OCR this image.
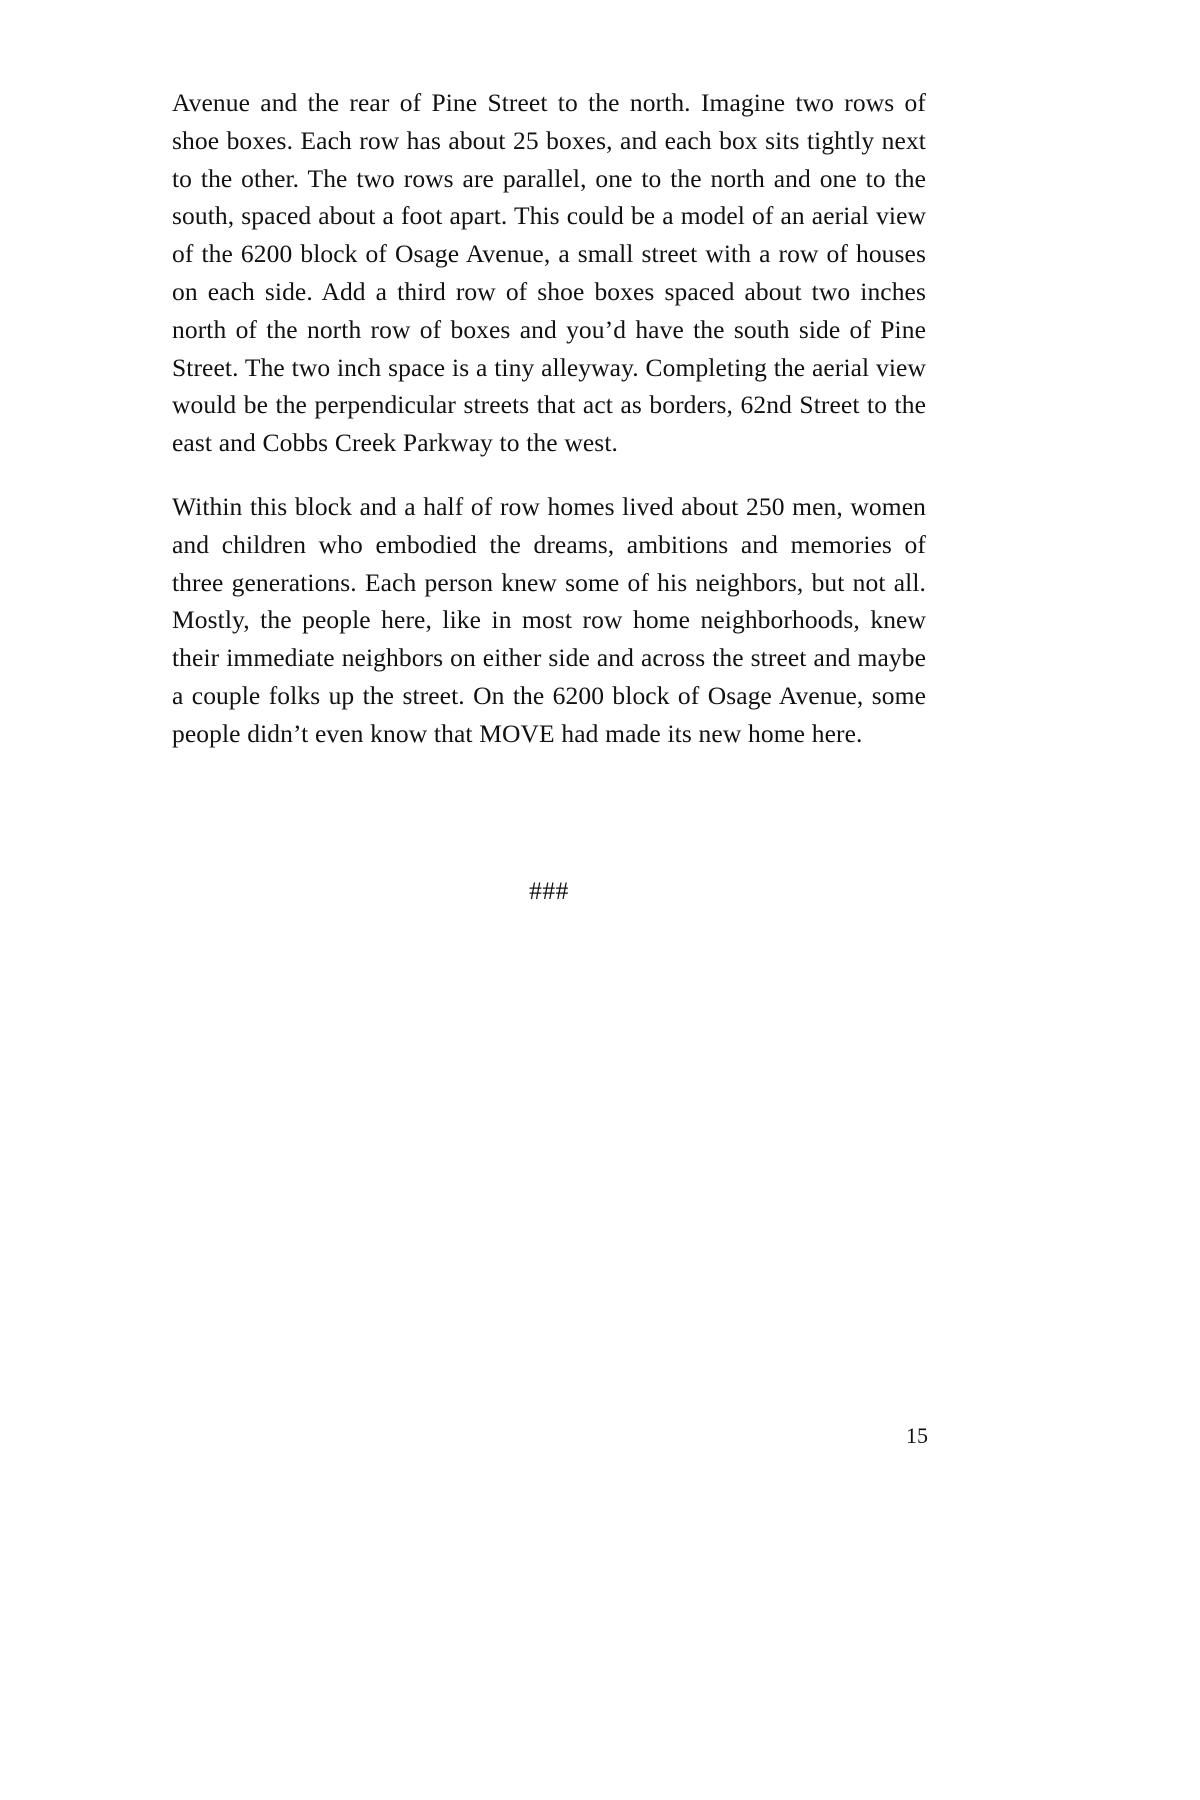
Avenue and the rear of Pine Street to the north. Imagine two rows of shoe boxes. Each row has about 25 boxes, and each box sits tightly next to the other. The two rows are parallel, one to the north and one to the south, spaced about a foot apart. This could be a model of an aerial view of the 6200 block of Osage Avenue, a small street with a row of houses on each side. Add a third row of shoe boxes spaced about two inches north of the north row of boxes and you’d have the south side of Pine Street. The two inch space is a tiny alleyway. Completing the aerial view would be the perpendicular streets that act as borders, 62nd Street to the east and Cobbs Creek Parkway to the west.

Within this block and a half of row homes lived about 250 men, women and children who embodied the dreams, ambitions and memories of three generations. Each person knew some of his neighbors, but not all. Mostly, the people here, like in most row home neighborhoods, knew their immediate neighbors on either side and across the street and maybe a couple folks up the street. On the 6200 block of Osage Avenue, some people didn’t even know that MOVE had made its new home here.

###
15
